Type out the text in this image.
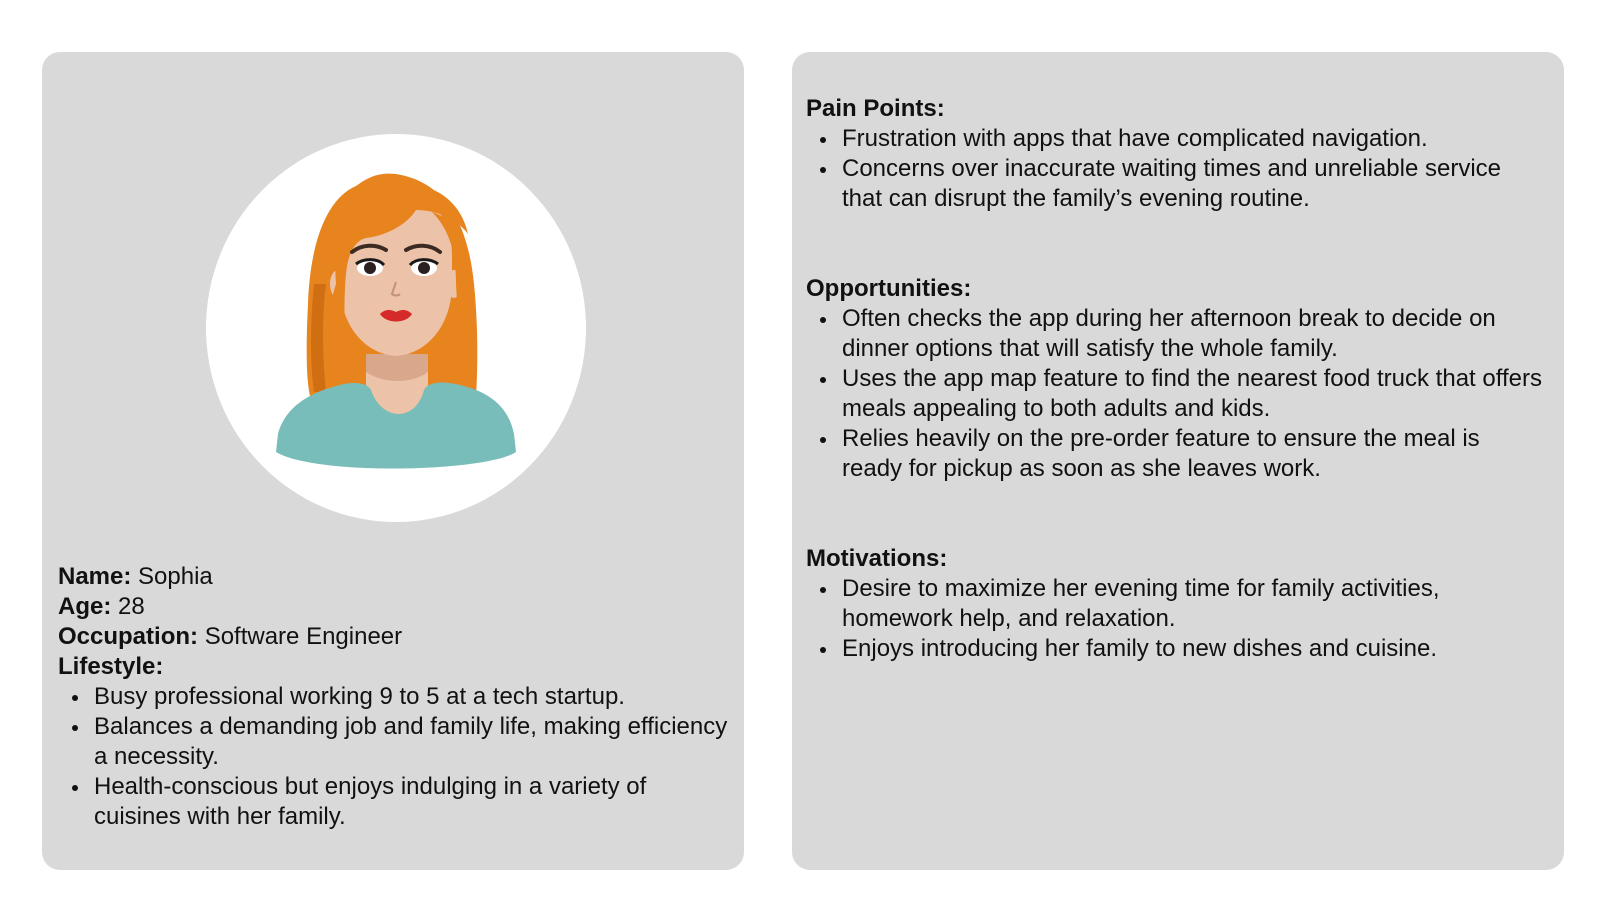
Name: Sophia
Age: 28
Occupation: Software Engineer
Lifestyle:
Busy professional working 9 to 5 at a tech startup.
Balances a demanding job and family life, making efficiency a necessity.
Health-conscious but enjoys indulging in a variety of cuisines with her family.
Pain Points:
Frustration with apps that have complicated navigation.
Concerns over inaccurate waiting times and unreliable service that can disrupt the family’s evening routine.
Opportunities:
Often checks the app during her afternoon break to decide on dinner options that will satisfy the whole family.
Uses the app map feature to find the nearest food truck that offers meals appealing to both adults and kids.
Relies heavily on the pre-order feature to ensure the meal is ready for pickup as soon as she leaves work.
Motivations:
Desire to maximize her evening time for family activities, homework help, and relaxation.
Enjoys introducing her family to new dishes and cuisine.
